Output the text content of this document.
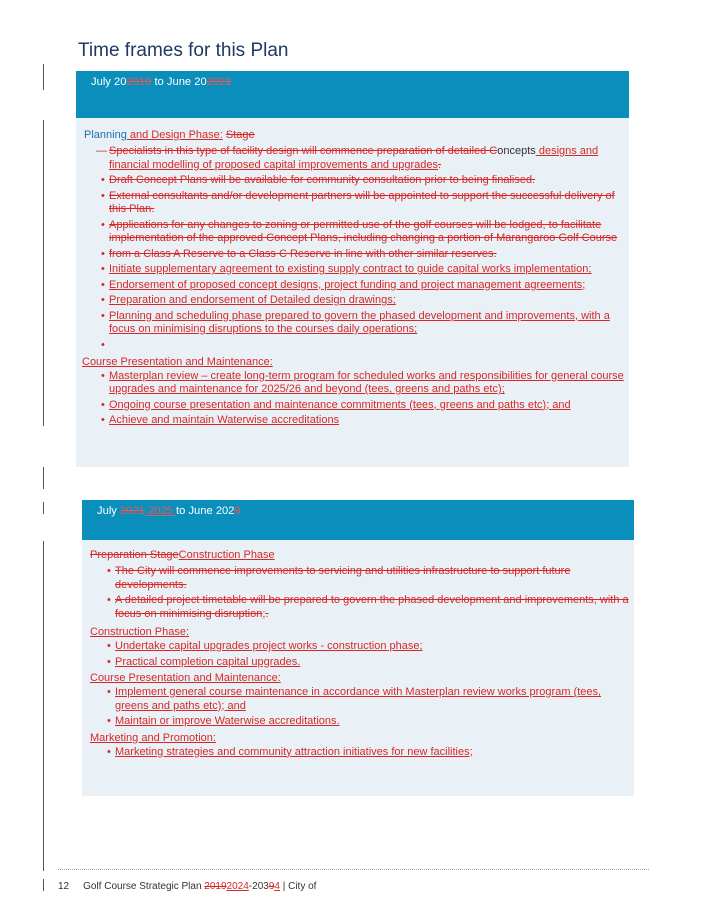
Time frames for this Plan
July 202019 to June 202021

Planning and Design Phase: Stage

— Specialists in this type of facility design will commence preparation of detailed Concepts designs and financial modelling of proposed capital improvements and upgrades.
• Draft Concept Plans will be available for community consultation prior to being finalised.
• External consultants and/or development partners will be appointed to support the successful delivery of this Plan.
• Applications for any changes to zoning or permitted use of the golf courses will be lodged, to facilitate implementation of the approved Concept Plans, including changing a portion of Marangaroo Golf Course
• from a Class A Reserve to a Class C Reserve in line with other similar reserves.
• Initiate supplementary agreement to existing supply contract to guide capital works implementation;
• Endorsement of proposed concept designs, project funding and project management agreements;
• Preparation and endorsement of Detailed design drawings;
• Planning and scheduling phase prepared to govern the phased development and improvements, with a focus on minimising disruptions to the courses daily operations;
•

Course Presentation and Maintenance:

• Masterplan review – create long-term program for scheduled works and responsibilities for general course upgrades and maintenance for 2025/26 and beyond (tees, greens and paths etc);
• Ongoing course presentation and maintenance commitments (tees, greens and paths etc); and
• Achieve and maintain Waterwise accreditations
July 2021 2025 to June 2029

Preparation StageConstruction Phase

• The City will commence improvements to servicing and utilities infrastructure to support future developments.
• A detailed project timetable will be prepared to govern the phased development and improvements, with a focus on minimising disruption;.

Construction Phase:

• Undertake capital upgrades project works - construction phase;
• Practical completion capital upgrades.

Course Presentation and Maintenance:

• Implement general course maintenance in accordance with Masterplan review works program (tees, greens and paths etc); and
• Maintain or improve Waterwise accreditations.

Marketing and Promotion:

• Marketing strategies and community attraction initiatives for new facilities;
12 Golf Course Strategic Plan 20192024-20394 | City of
